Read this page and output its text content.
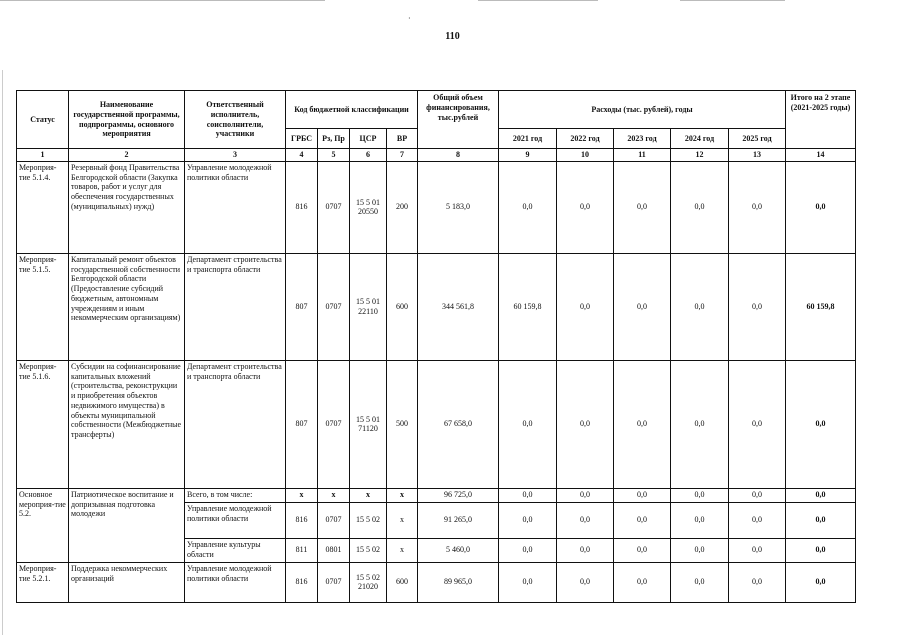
·
110
Статус	Наименование государственной программы, подпрограммы, основного мероприятия	Ответственный исполнитель, соисполнители, участники	Код бюджетной классификации				Общий объем финансирования, тыс.рублей	Расходы (тыс. рублей), годы					Итого на 2 этапе (2021-2025 годы)
			ГРБС	Рз, Пр	ЦСР	ВР		2021 год	2022 год	2023 год	2024 год	2025 год	
1	2	3	4	5	6	7	8	9	10	11	12	13	14
Мероприя-тие 5.1.4.	Резервный фонд Правительства Белгородской области (Закупка товаров, работ и услуг для обеспечения государственных (муниципальных) нужд)	Управление молодежной политики области	816	0707	15 5 01 20550	200	5 183,0	0,0	0,0	0,0	0,0	0,0	0,0
Мероприя-тие 5.1.5.	Капитальный ремонт объектов государственной собственности Белгородской области (Предоставление субсидий бюджетным, автономным учреждениям и иным некоммерческим организациям)	Департамент строительства и транспорта области	807	0707	15 5 01 22110	600	344 561,8	60 159,8	0,0	0,0	0,0	0,0	60 159,8
Мероприя-тие 5.1.6.	Субсидии на софинансирование капитальных вложений (строительства, реконструкции и приобретения объектов недвижимого имущества) в объекты муниципальной собственности (Межбюджетные трансферты)	Департамент строительства и транспорта области	807	0707	15 5 01 71120	500	67 658,0	0,0	0,0	0,0	0,0	0,0	0,0
Основное мероприя-тие 5.2.	Патриотическое воспитание и допризывная подготовка молодежи	Всего, в том числе:	х	х	х	х	96 725,0	0,0	0,0	0,0	0,0	0,0	0,0
		Управление молодежной политики области	816	0707	15 5 02	х	91 265,0	0,0	0,0	0,0	0,0	0,0	0,0
		Управление культуры области	811	0801	15 5 02	х	5 460,0	0,0	0,0	0,0	0,0	0,0	0,0
Мероприя-тие 5.2.1.	Поддержка некоммерческих организаций	Управление молодежной политики области	816	0707	15 5 02 21020	600	89 965,0	0,0	0,0	0,0	0,0	0,0	0,0
